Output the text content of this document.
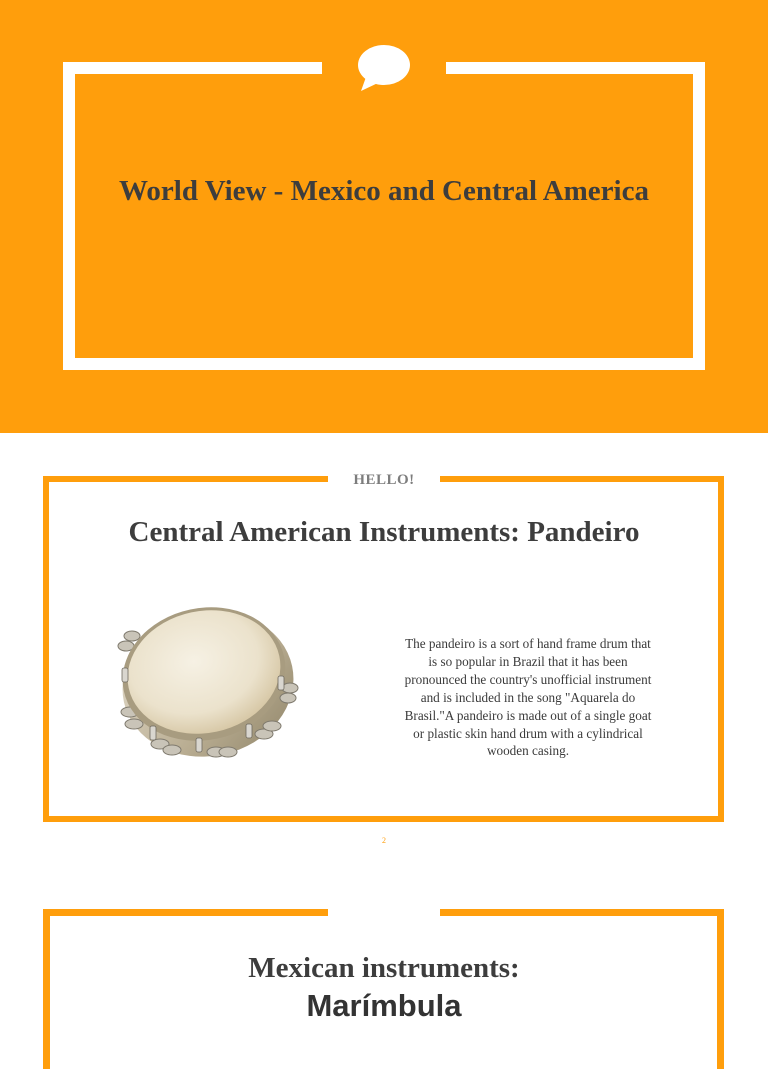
World View - Mexico and Central America
HELLO!
Central American Instruments: Pandeiro

The pandeiro is a sort of hand frame drum that is so popular in Brazil that it has been pronounced the country's unofficial instrument and is included in the song "Aquarela do Brasil."A pandeiro is made out of a single goat or plastic skin hand drum with a cylindrical wooden casing.

2
Mexican instruments:
Marímbula
